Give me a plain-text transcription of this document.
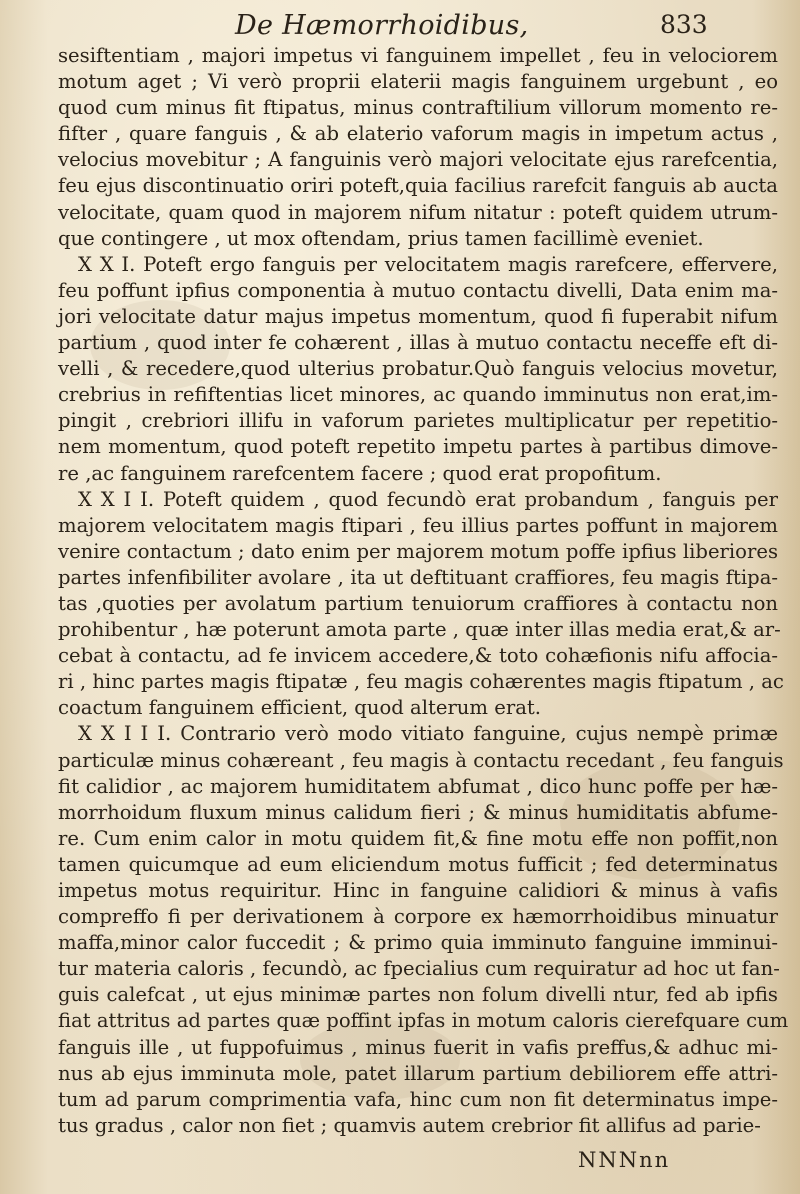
De Hæmorrhoidibus,	833
sesiftentiam , majori impetus vi fanguinem impellet , feu in velociorem
motum aget ; Vi verò proprii elaterii magis fanguinem urgebunt , eo
quod cum minus fit ftipatus, minus contraftilium villorum momento re-
fifter , quare fanguis , & ab elaterio vaforum magis in impetum actus ,
velocius movebitur ; A fanguinis verò majori velocitate ejus rarefcentia,
feu ejus discontinuatio oriri poteft,quia facilius rarefcit fanguis ab aucta
velocitate, quam quod in majorem nifum nitatur : poteft quidem utrum-
que contingere , ut mox oftendam, prius tamen facillimè eveniet.
X X I. Poteft ergo fanguis per velocitatem magis rarefcere, effervere,
feu poffunt ipfius componentia à mutuo contactu divelli, Data enim ma-
jori velocitate datur majus impetus momentum, quod fi fuperabit nifum
partium , quod inter fe cohærent , illas à mutuo contactu neceffe eft di-
velli , & recedere,quod ulterius probatur.Quò fanguis velocius movetur,
crebrius in refiftentias licet minores, ac quando imminutus non erat,im-
pingit , crebriori illifu in vaforum parietes multiplicatur per repetitio-
nem momentum, quod poteft repetito impetu partes à partibus dimove-
re ,ac fanguinem rarefcentem facere ; quod erat propofitum.
X X I I. Poteft quidem , quod fecundò erat probandum , fanguis per
majorem velocitatem magis ftipari , feu illius partes poffunt in majorem
venire contactum ; dato enim per majorem motum poffe ipfius liberiores
partes infenfibiliter avolare , ita ut deftituant craffiores, feu magis ftipa-
tas ,quoties per avolatum partium tenuiorum craffiores à contactu non
prohibentur , hæ poterunt amota parte , quæ inter illas media erat,& ar-
cebat à contactu, ad fe invicem accedere,& toto cohæfionis nifu affocia-
ri , hinc partes magis ftipatæ , feu magis cohærentes magis ftipatum , ac
coactum fanguinem efficient, quod alterum erat.
X X I I I. Contrario verò modo vitiato fanguine, cujus nempè primæ
particulæ minus cohæreant , feu magis à contactu recedant , feu fanguis
fit calidior , ac majorem humiditatem abfumat , dico hunc poffe per hæ-
morrhoidum fluxum minus calidum fieri ; & minus humiditatis abfume-
re. Cum enim calor in motu quidem fit,& fine motu effe non poffit,non
tamen quicumque ad eum eliciendum motus fufficit ; fed determinatus
impetus motus requiritur. Hinc in fanguine calidiori & minus à vafis
compreffo fi per derivationem à corpore ex hæmorrhoidibus minuatur
maffa,minor calor fuccedit ; & primo quia imminuto fanguine imminui-
tur materia caloris , fecundò, ac fpecialius cum requiratur ad hoc ut fan-
guis calefcat , ut ejus minimæ partes non folum divelli ntur, fed ab ipfis
fiat attritus ad partes quæ poffint ipfas in motum caloris cierefquare cum
fanguis ille , ut fuppofuimus , minus fuerit in vafis preffus,& adhuc mi-
nus ab ejus imminuta mole, patet illarum partium debiliorem effe attri-
tum ad parum comprimentia vafa, hinc cum non fit determinatus impe-
tus gradus , calor non fiet ; quamvis autem crebrior fit allifus ad parie-
NNNnn
